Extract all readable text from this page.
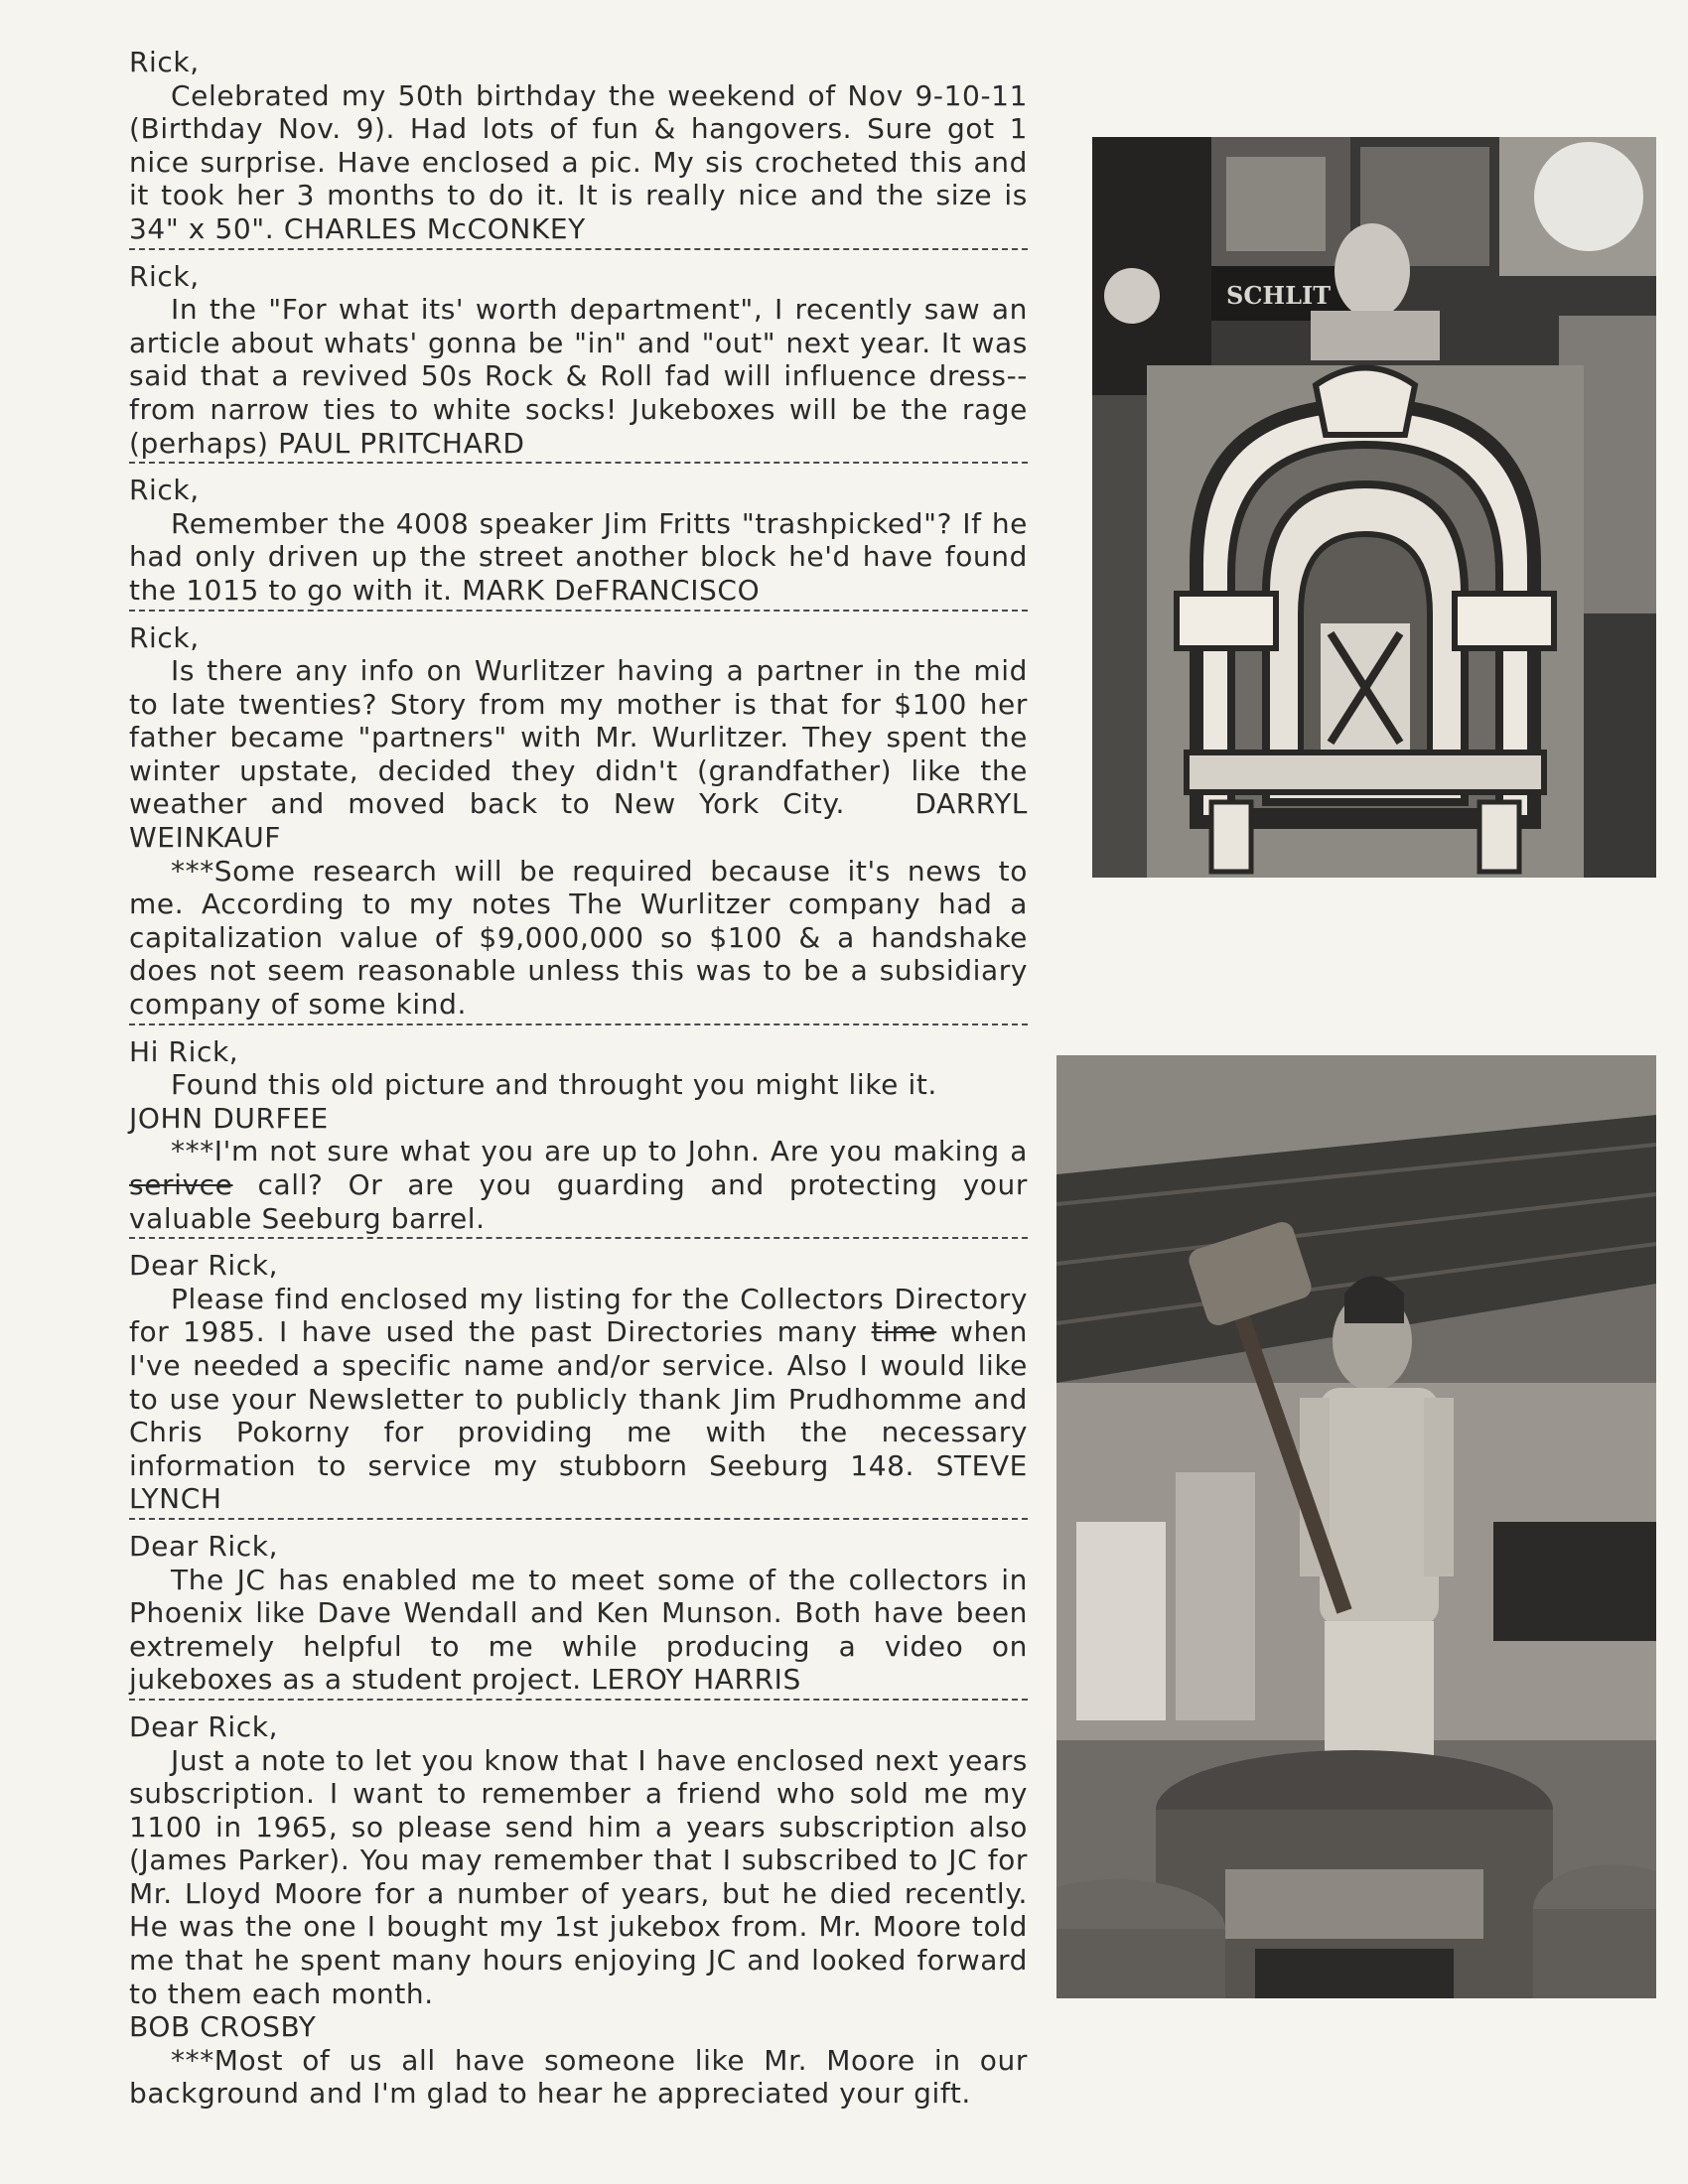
Rick,
Celebrated my 50th birthday the weekend of Nov 9-10-11 (Birthday Nov. 9). Had lots of fun & hangovers. Sure got 1 nice surprise. Have enclosed a pic. My sis crocheted this and it took her 3 months to do it. It is really nice and the size is 34" x 50". CHARLES McCONKEY
Rick,
In the "For what its' worth department", I recently saw an article about whats' gonna be "in" and "out" next year. It was said that a revived 50s Rock & Roll fad will influence dress-- from narrow ties to white socks! Jukeboxes will be the rage (perhaps) PAUL PRITCHARD
Rick,
Remember the 4008 speaker Jim Fritts "trashpicked"? If he had only driven up the street another block he'd have found the 1015 to go with it. MARK DeFRANCISCO
Rick,
Is there any info on Wurlitzer having a partner in the mid to late twenties? Story from my mother is that for $100 her father became "partners" with Mr. Wurlitzer. They spent the winter upstate, decided they didn't (grandfather) like the weather and moved back to New York City.	DARRYL WEINKAUF
***Some research will be required because it's news to me. According to my notes The Wurlitzer company had a capitalization value of $9,000,000 so $100 & a handshake does not seem reasonable unless this was to be a subsidiary company of some kind.
Hi Rick,
Found this old picture and throught you might like it.
JOHN DURFEE
***I'm not sure what you are up to John. Are you making a serivce call? Or are you guarding and protecting your valuable Seeburg barrel.
Dear Rick,
Please find enclosed my listing for the Collectors Directory for 1985. I have used the past Directories many time when I've needed a specific name and/or service. Also I would like to use your Newsletter to publicly thank Jim Prudhomme and Chris Pokorny for providing me with the necessary information to service my stubborn Seeburg 148. STEVE LYNCH
Dear Rick,
The JC has enabled me to meet some of the collectors in Phoenix like Dave Wendall and Ken Munson. Both have been extremely helpful to me while producing a video on jukeboxes as a student project. LEROY HARRIS
Dear Rick,
Just a note to let you know that I have enclosed next years subscription. I want to remember a friend who sold me my 1100 in 1965, so please send him a years subscription also (James Parker). You may remember that I subscribed to JC for Mr. Lloyd Moore for a number of years, but he died recently. He was the one I bought my 1st jukebox from. Mr. Moore told me that he spent many hours enjoying JC and looked forward to them each month.
BOB CROSBY
***Most of us all have someone like Mr. Moore in our background and I'm glad to hear he appreciated your gift.
SCHLIT
